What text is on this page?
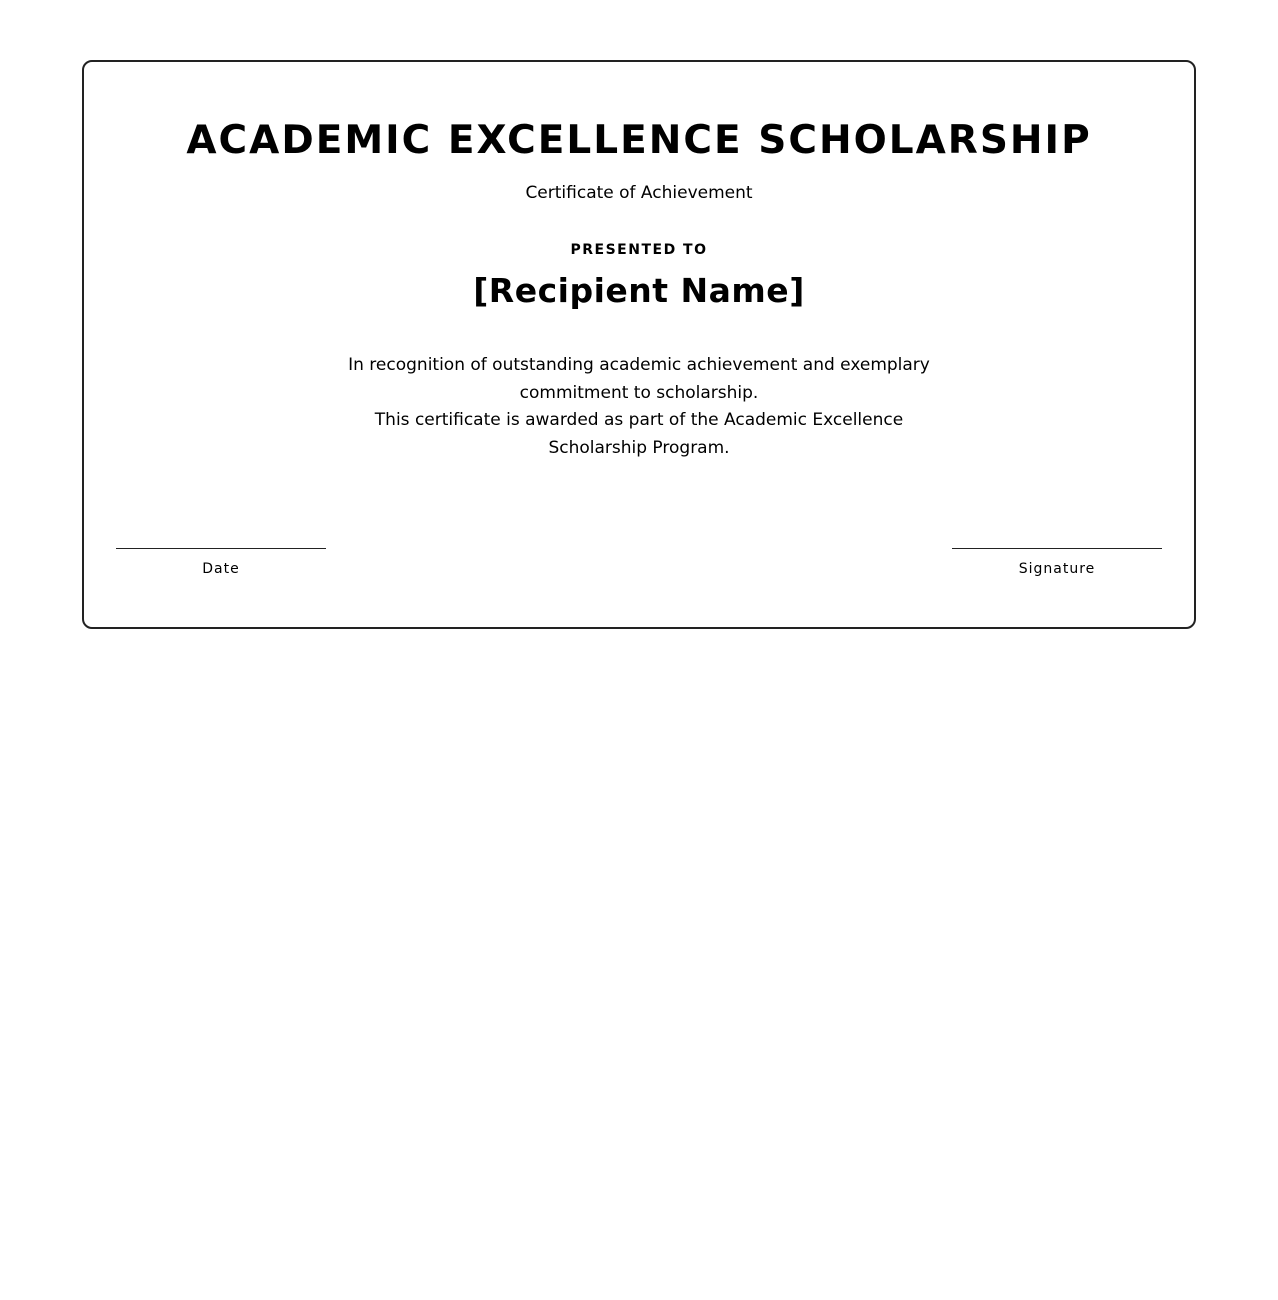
ACADEMIC EXCELLENCE SCHOLARSHIP
Certificate of Achievement
PRESENTED TO
[Recipient Name]

In recognition of outstanding academic achievement and exemplary commitment to scholarship.

This certificate is awarded as part of the Academic Excellence Scholarship Program.

Date	Signature
